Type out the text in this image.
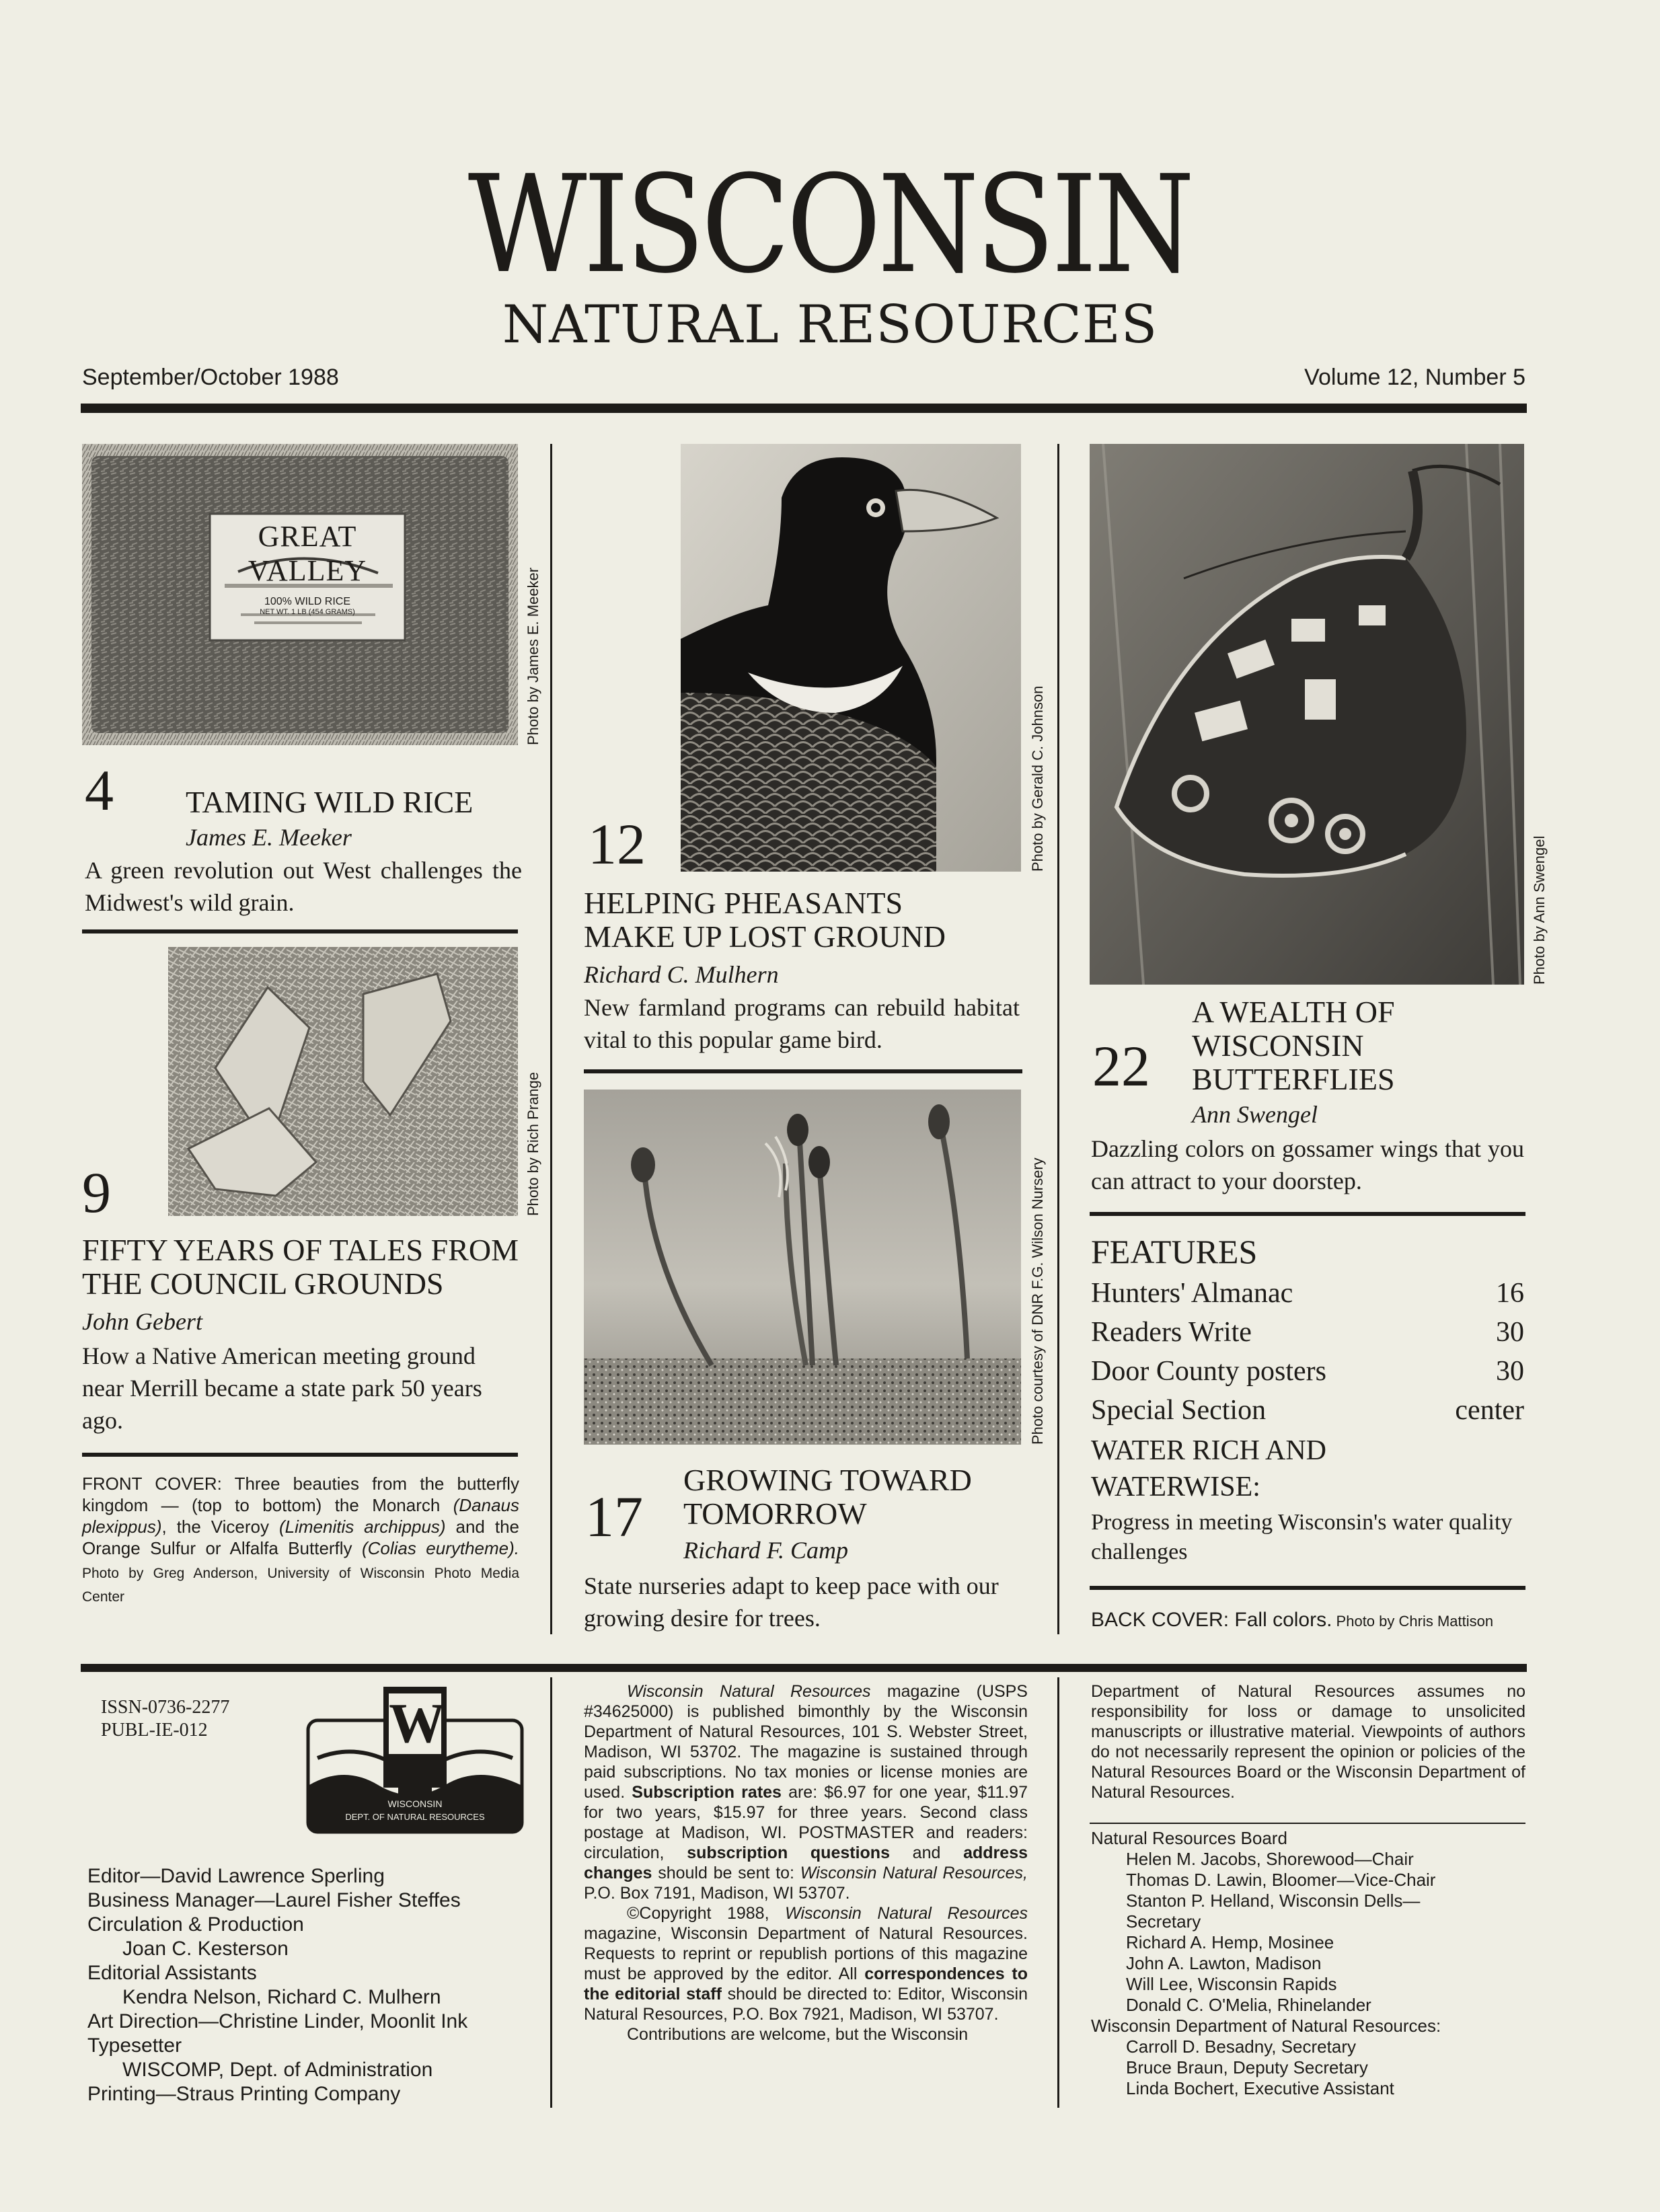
WISCONSIN
NATURAL RESOURCES
September/October 1988	Volume 12, Number 5
GREAT VALLEY
100% WILD RICE
NET WT. 1 LB (454 GRAMS)	Photo by James E. Meeker
4 TAMING WILD RICE
James E. Meeker
A green revolution out West challenges the Midwest's wild grain.
Photo by Rich Prange
9
FIFTY YEARS OF TALES FROM
THE COUNCIL GROUNDS
John Gebert
How a Native American meeting ground near Merrill became a state park 50 years ago.
FRONT COVER: Three beauties from the butterfly kingdom — (top to bottom) the Monarch (Danaus plexippus), the Viceroy (Limenitis archippus) and the Orange Sulfur or Alfalfa Butterfly (Colias eurytheme). Photo by Greg Anderson, University of Wisconsin Photo Media Center
Photo by Gerald C. Johnson
12
HELPING PHEASANTS
MAKE UP LOST GROUND
Richard C. Mulhern
New farmland programs can rebuild habitat vital to this popular game bird.
Photo courtesy of DNR F.G. Wilson Nursery
17
GROWING TOWARD
TOMORROW
Richard F. Camp
State nurseries adapt to keep pace with our growing desire for trees.
Photo by Ann Swengel
A WEALTH OF
WISCONSIN
22 BUTTERFLIES
Ann Swengel
Dazzling colors on gossamer wings that you can attract to your doorstep.
FEATURES
Hunters' Almanac	16
Readers Write	30
Door County posters	30
Special Section	center
WATER RICH AND
WATERWISE:
Progress in meeting Wisconsin's water quality challenges
BACK COVER: Fall colors. Photo by Chris Mattison
ISSN-0736-2277
PUBL-IE-012	W
WISCONSIN
DEPT. OF NATURAL RESOURCES
Editor—David Lawrence Sperling
Business Manager—Laurel Fisher Steffes
Circulation & Production
Joan C. Kesterson
Editorial Assistants
Kendra Nelson, Richard C. Mulhern
Art Direction—Christine Linder, Moonlit Ink
Typesetter
WISCOMP, Dept. of Administration
Printing—Straus Printing Company

Wisconsin Natural Resources magazine (USPS #34625000) is published bimonthly by the Wisconsin Department of Natural Resources, 101 S. Webster Street, Madison, WI 53702. The magazine is sustained through paid subscriptions. No tax monies or license monies are used. Subscription rates are: $6.97 for one year, $11.97 for two years, $15.97 for three years. Second class postage at Madison, WI. POSTMASTER and readers: circulation, subscription questions and address changes should be sent to: Wisconsin Natural Resources, P.O. Box 7191, Madison, WI 53707.

©Copyright 1988, Wisconsin Natural Resources magazine, Wisconsin Department of Natural Resources. Requests to reprint or republish portions of this magazine must be approved by the editor. All correspondences to the editorial staff should be directed to: Editor, Wisconsin Natural Resources, P.O. Box 7921, Madison, WI 53707.

Contributions are welcome, but the Wisconsin

Department of Natural Resources assumes no responsibility for loss or damage to unsolicited manuscripts or illustrative material. Viewpoints of authors do not necessarily represent the opinion or policies of the Natural Resources Board or the Wisconsin Department of Natural Resources.
Natural Resources Board
Helen M. Jacobs, Shorewood—Chair
Thomas D. Lawin, Bloomer—Vice-Chair
Stanton P. Helland, Wisconsin Dells—
Secretary
Richard A. Hemp, Mosinee
John A. Lawton, Madison
Will Lee, Wisconsin Rapids
Donald C. O'Melia, Rhinelander
Wisconsin Department of Natural Resources:
Carroll D. Besadny, Secretary
Bruce Braun, Deputy Secretary
Linda Bochert, Executive Assistant
